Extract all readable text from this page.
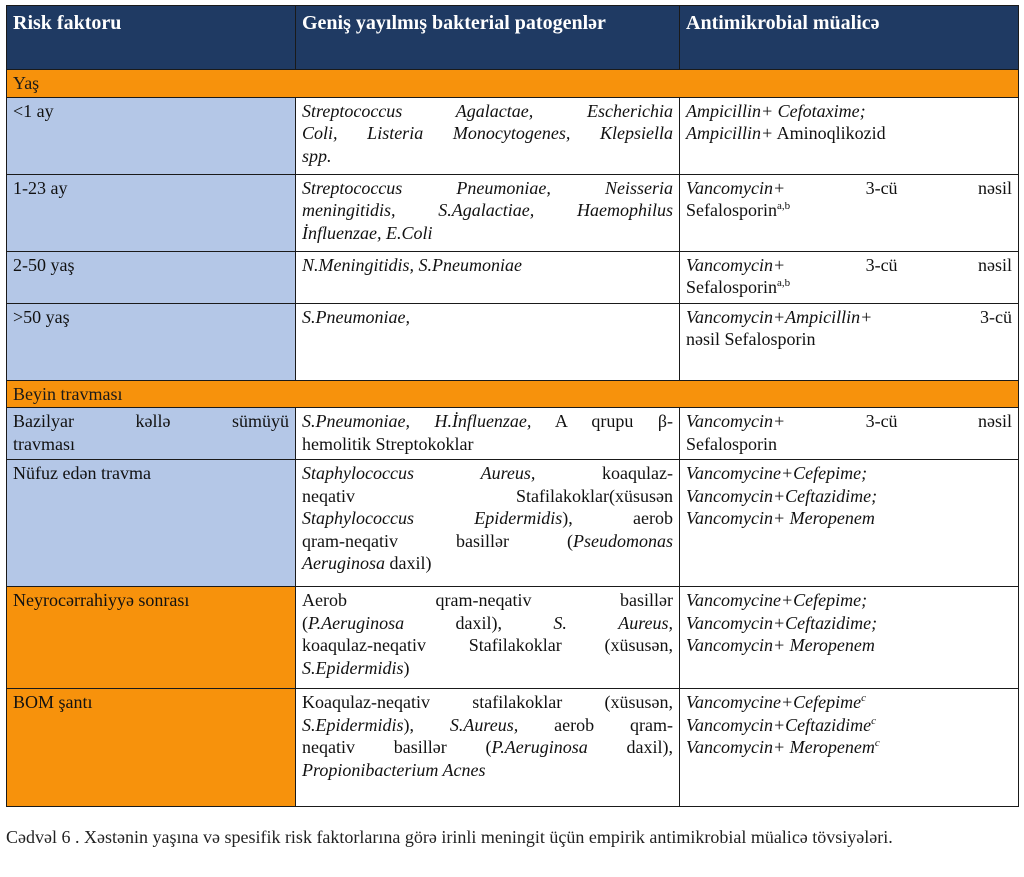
Risk faktoru	Geniş yayılmış bakterial patogenlər	Antimikrobial müalicə
Yaş		
<1 ay	Streptococcus Agalactae, Escherichia
Coli, Listeria Monocytogenes, Klepsiella
spp.	Ampicillin+ Cefotaxime;
Ampicillin+ Aminoqlikozid

1-23 ay	Streptococcus Pneumoniae, Neisseria
meningitidis, S.Agalactiae, Haemophilus
İnfluenzae, E.Coli	Vancomycin+ 3-cü nəsil
Sefalosporin$^{a,b}$

2-50 yaş	N.Meningitidis, S.Pneumoniae	Vancomycin+ 3-cü nəsil
Sefalosporin$^{a,b}$

>50 yaş	S.Pneumoniae,	Vancomycin+Ampicillin+ 3-cü
nəsil Sefalosporin

Beyin travması		

Bazilyar kəllə sümüyü
travması	S.Pneumoniae, H.İnfluenzae, A qrupu β-
hemolitik Streptokoklar	Vancomycin+ 3-cü nəsil
Sefalosporin

Nüfuz edən travma	Staphylococcus Aureus, koaqulaz-
neqativ Stafilakoklar(xüsusən
Staphylococcus Epidermidis), aerob
qram-neqativ basillər (Pseudomonas
Aeruginosa daxil)	Vancomycine+Cefepime;
Vancomycin+Ceftazidime;
Vancomycin+ Meropenem

Neyrocərrahiyyə sonrası	Aerob qram-neqativ basillər
(P.Aeruginosa daxil), S. Aureus,
koaqulaz-neqativ Stafilakoklar (xüsusən,
S.Epidermidis)	Vancomycine+Cefepime;
Vancomycin+Ceftazidime;
Vancomycin+ Meropenem

BOM şantı	Koaqulaz-neqativ stafilakoklar (xüsusən,
S.Epidermidis), S.Aureus, aerob qram-
neqativ basillər (P.Aeruginosa daxil),
Propionibacterium Acnes	Vancomycine+Cefepime$^c$
Vancomycin+Ceftazidime$^c$
Vancomycin+ Meropenem$^c$
Cədvəl 6 . Xəstənin yaşına və spesifik risk faktorlarına görə irinli meningit üçün empirik antimikrobial müalicə tövsiyələri.
